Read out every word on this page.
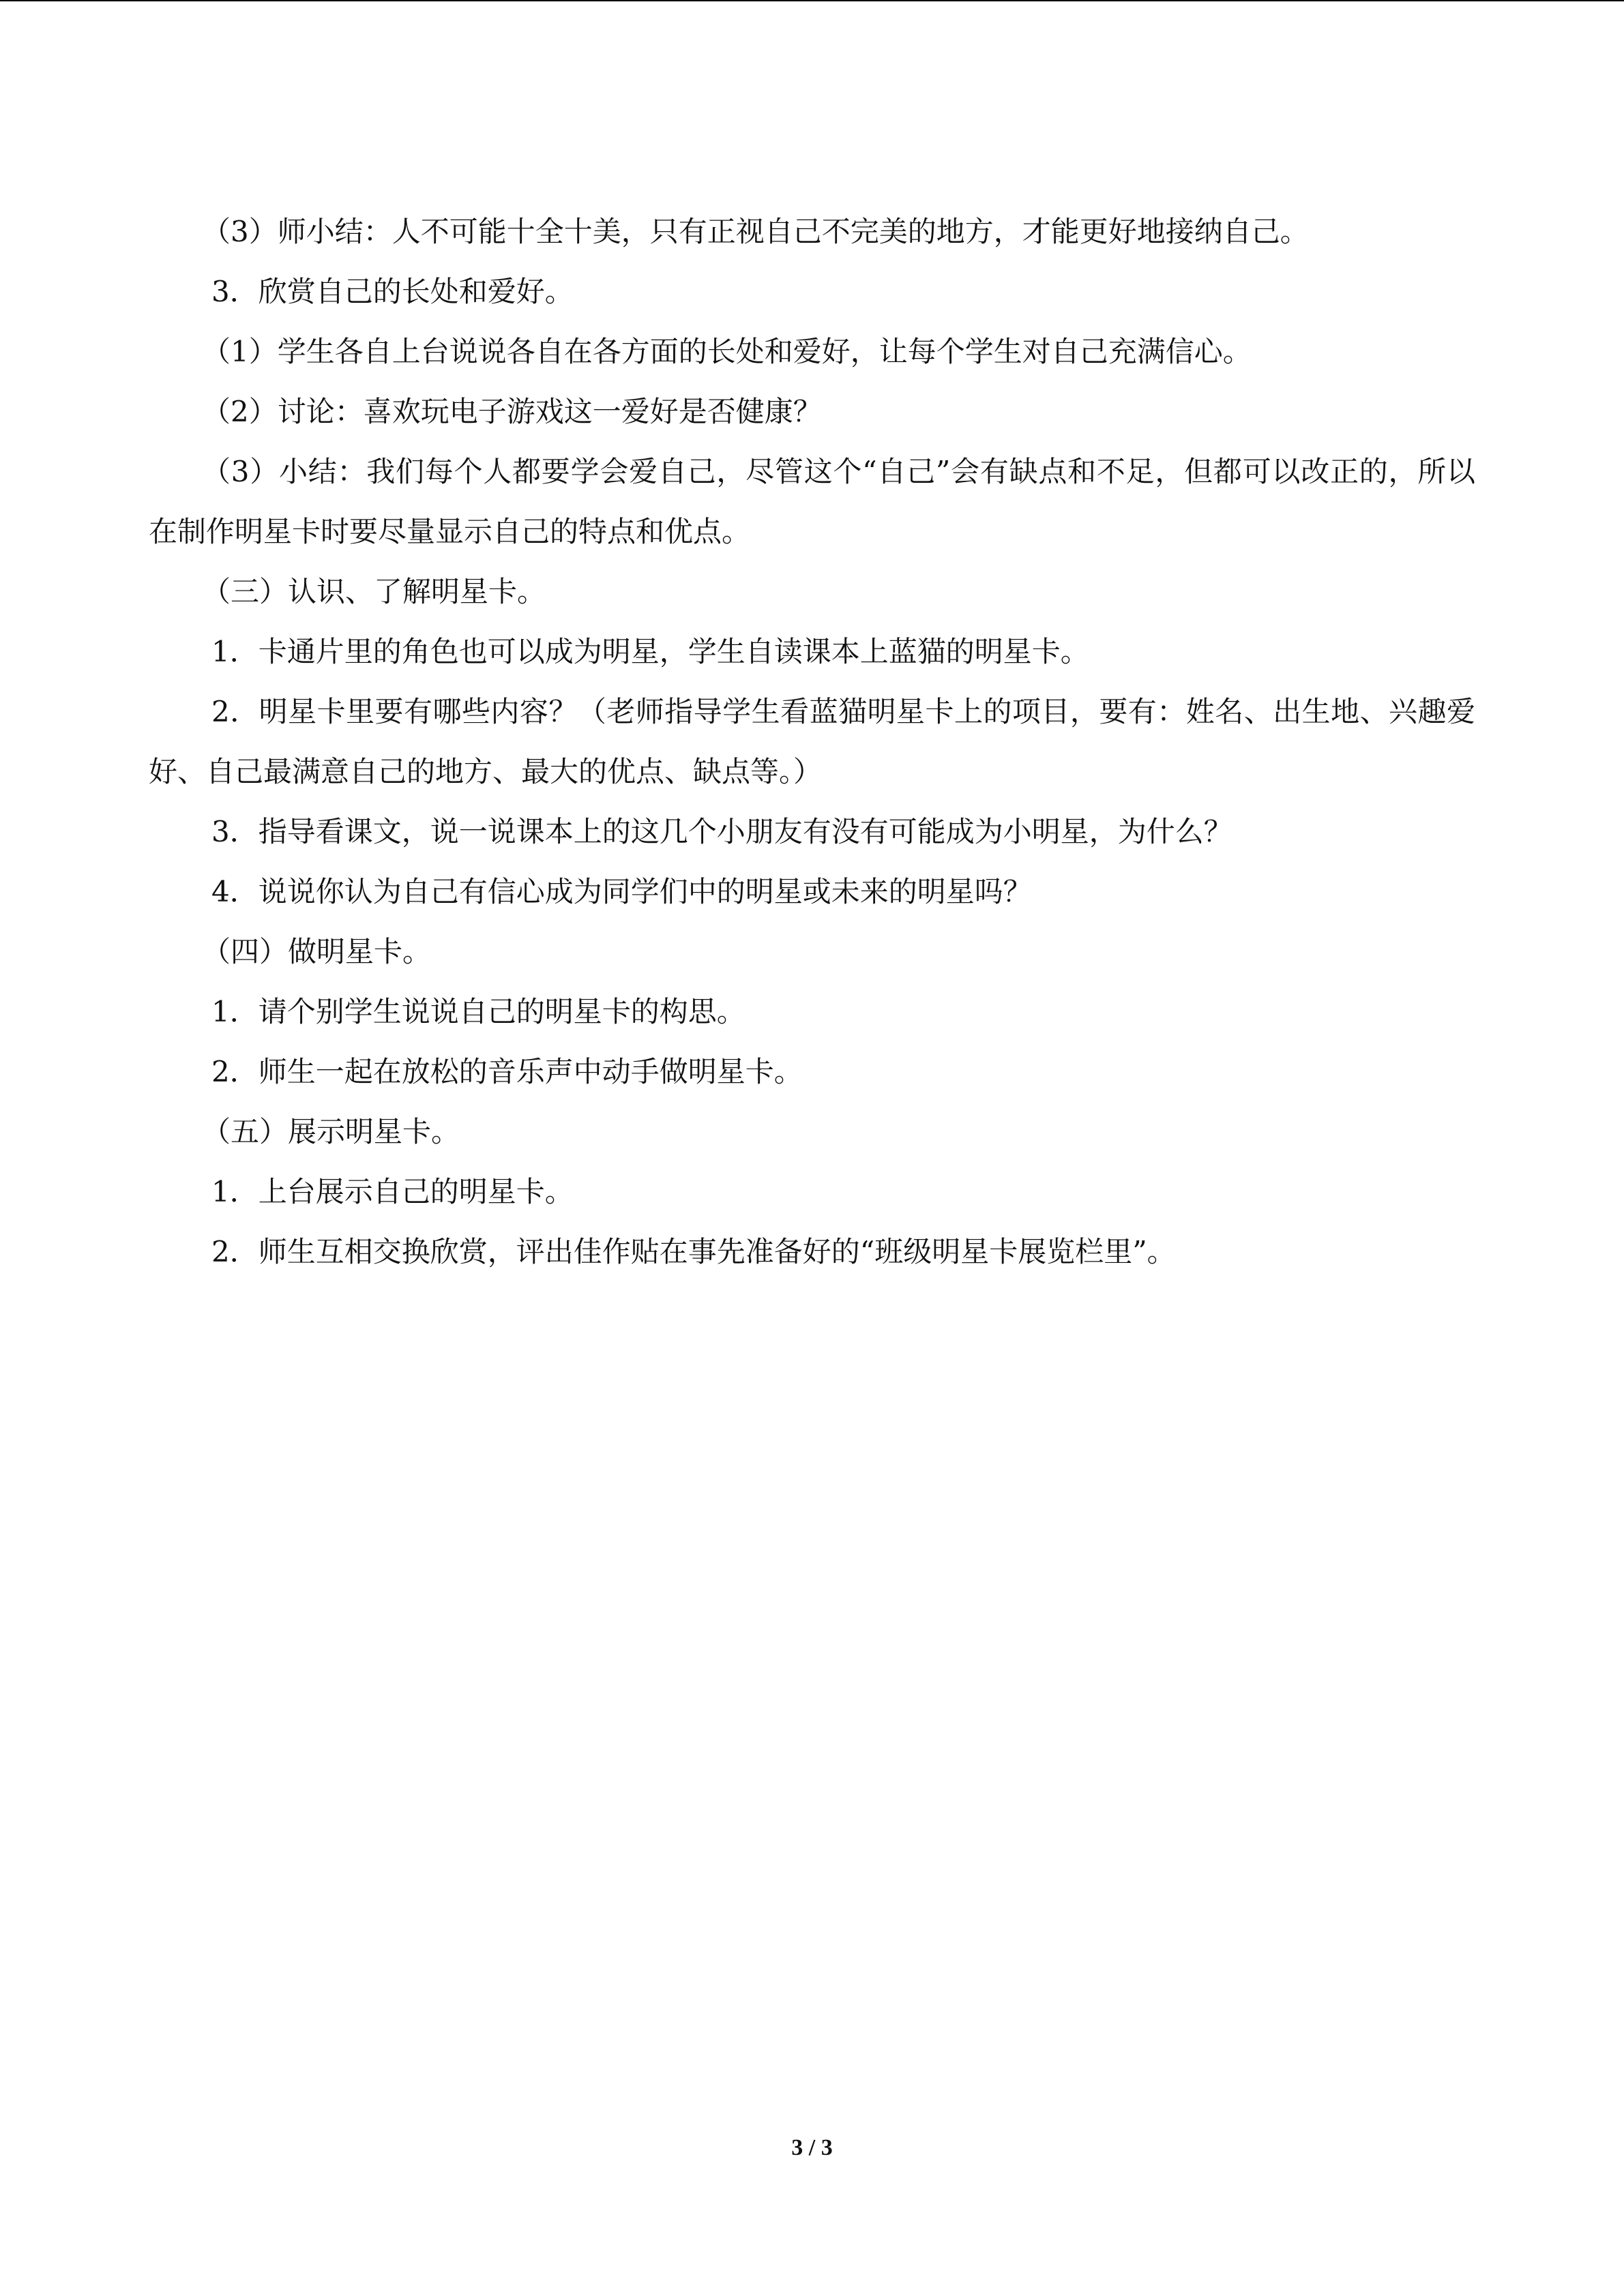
（3）师小结：人不可能十全十美，只有正视自己不完美的地方，才能更好地接纳自己。

3．欣赏自己的长处和爱好。

（1）学生各自上台说说各自在各方面的长处和爱好，让每个学生对自己充满信心。

（2）讨论：喜欢玩电子游戏这一爱好是否健康？

（3）小结：我们每个人都要学会爱自己，尽管这个“自己”会有缺点和不足，但都可以改正的，所以在制作明星卡时要尽量显示自己的特点和优点。

（三）认识、了解明星卡。

1．卡通片里的角色也可以成为明星，学生自读课本上蓝猫的明星卡。

2．明星卡里要有哪些内容？（老师指导学生看蓝猫明星卡上的项目，要有：姓名、出生地、兴趣爱好、自己最满意自己的地方、最大的优点、缺点等。）

3．指导看课文，说一说课本上的这几个小朋友有没有可能成为小明星，为什么？

4．说说你认为自己有信心成为同学们中的明星或未来的明星吗？

（四）做明星卡。

1．请个别学生说说自己的明星卡的构思。

2．师生一起在放松的音乐声中动手做明星卡。

（五）展示明星卡。

1．上台展示自己的明星卡。

2．师生互相交换欣赏，评出佳作贴在事先准备好的“班级明星卡展览栏里”。

3 / 3
